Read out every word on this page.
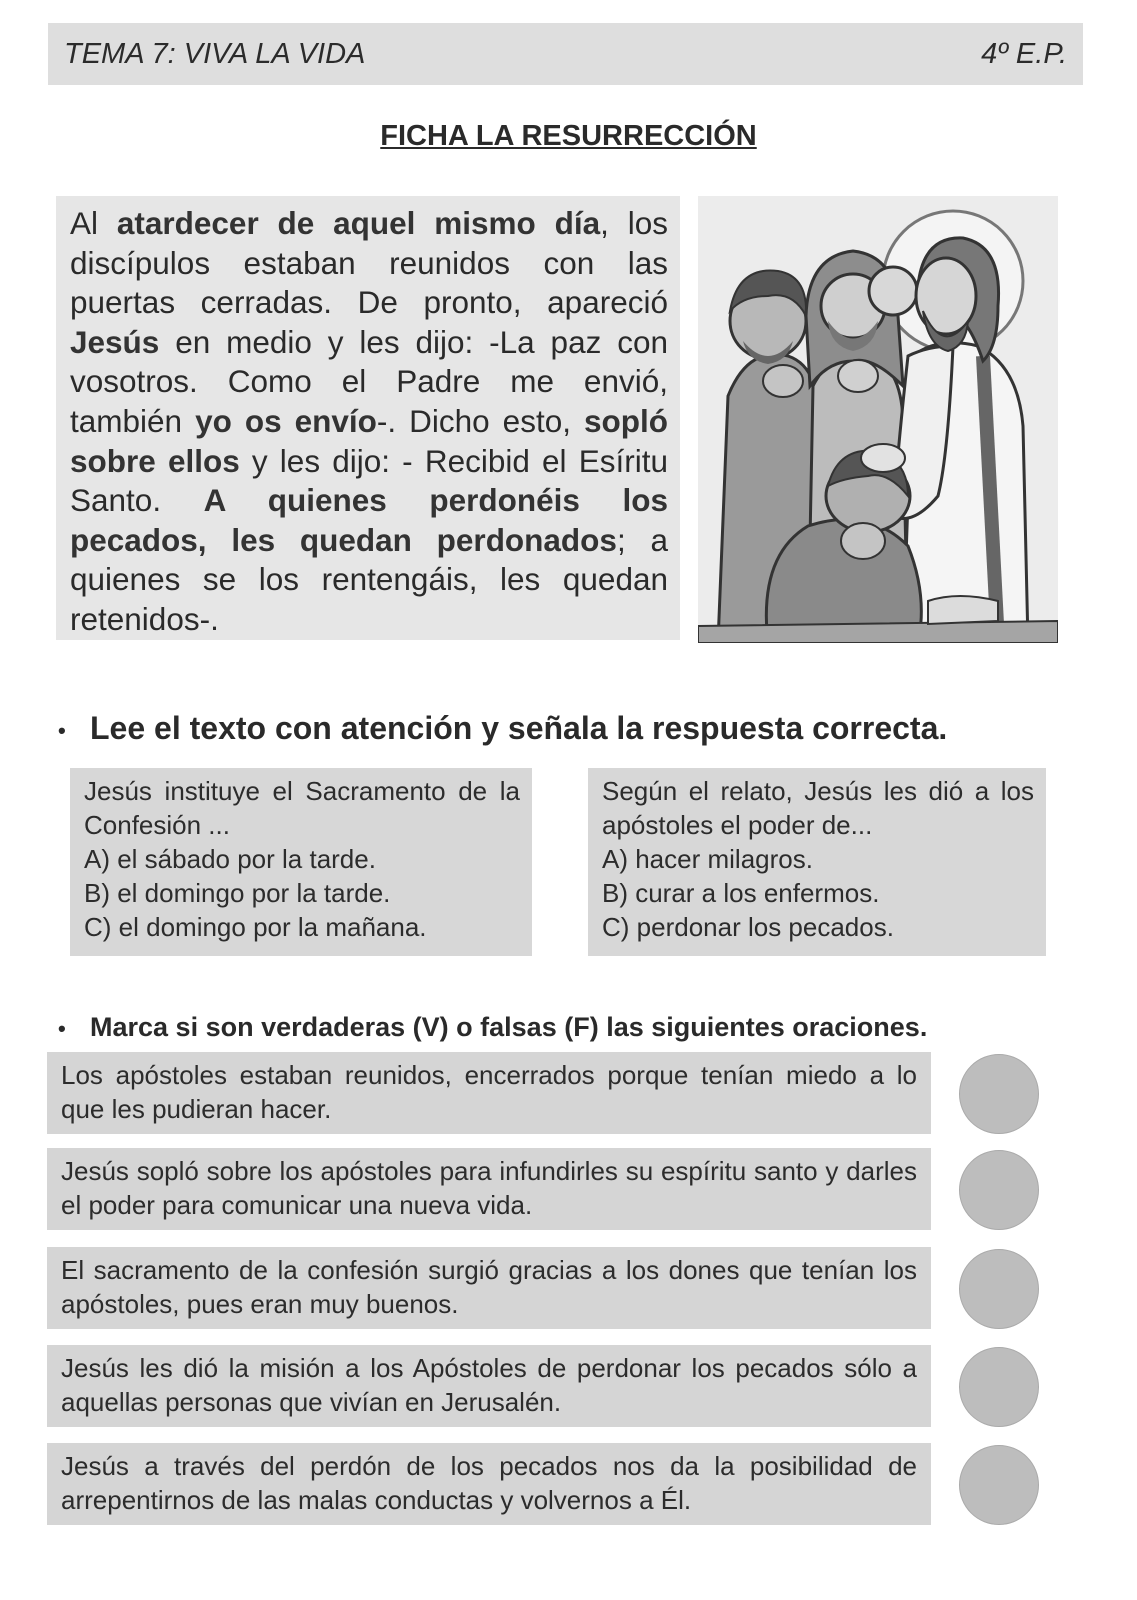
TEMA 7: VIVA LA VIDA	4º E.P.
FICHA LA RESURRECCIÓN
Al atardecer de aquel mismo día, los discípulos estaban reunidos con las puertas cerradas. De pronto, apareció Jesús en medio y les dijo: -La paz con vosotros. Como el Padre me envió, también yo os envío-. Dicho esto, sopló sobre ellos y les dijo: - Recibid el Esíritu Santo. A quienes perdonéis los pecados, les quedan perdonados; a quienes se los rentengáis, les quedan retenidos-.
• Lee el texto con atención y señala la respuesta correcta.
Jesús instituye el Sacramento de la Confesión ...
A) el sábado por la tarde.
B) el domingo por la tarde.
C) el domingo por la mañana.
Según el relato, Jesús les dió a los apóstoles el poder de...
A) hacer milagros.
B) curar a los enfermos.
C) perdonar los pecados.
• Marca si son verdaderas (V) o falsas (F) las siguientes oraciones.
Los apóstoles estaban reunidos, encerrados porque tenían miedo a lo que les pudieran hacer.
Jesús sopló sobre los apóstoles para infundirles su espíritu santo y darles el poder para comunicar una nueva vida.
El sacramento de la confesión surgió gracias a los dones que tenían los apóstoles, pues eran muy buenos.
Jesús les dió la misión a los Apóstoles de perdonar los pecados sólo a aquellas personas que vivían en Jerusalén.
Jesús a través del perdón de los pecados nos da la posibilidad de arrepentirnos de las malas conductas y volvernos a Él.
